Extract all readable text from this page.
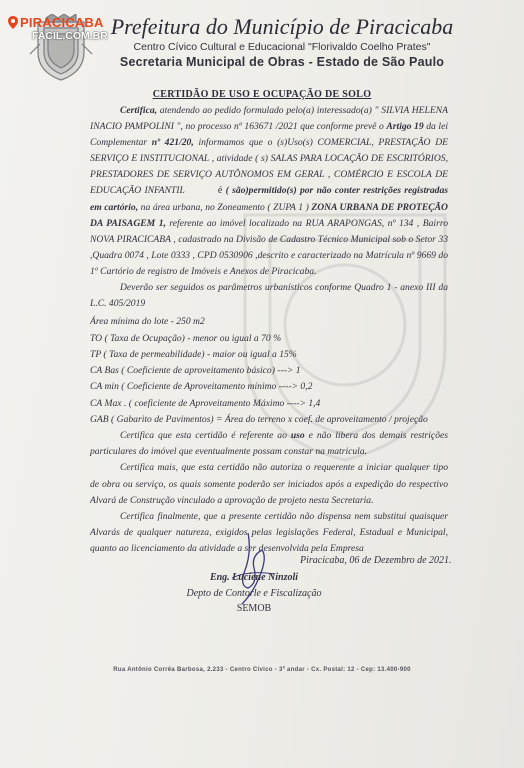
PIRACICABA
FACIL.COM.BR Prefeitura do Município de Piracicaba
Centro Cívico Cultural e Educacional "Florivaldo Coelho Prates"
Secretaria Municipal de Obras - Estado de São Paulo
CERTIDÃO DE USO E OCUPAÇÃO DE SOLO

Certifica, atendendo ao pedido formulado pelo(a) interessado(a) " SILVIA HELENA INACIO PAMPOLINI ", no processo nº 163671 /2021 que conforme prevê o Artigo 19 da lei Complementar nº 421/20, informamos que o (s)Uso(s) COMERCIAL, PRESTAÇÃO DE SERVIÇO E INSTITUCIONAL , atividade ( s) SALAS PARA LOCAÇÃO DE ESCRITÓRIOS, PRESTADORES DE SERVIÇO AUTÔNOMOS EM GERAL , COMÉRCIO E ESCOLA DE EDUCAÇÃO INFANTIL	é ( são)permitido(s) por não conter restrições registradas em cartório, na área urbana, no Zoneamento ( ZUPA 1 ) ZONA URBANA DE PROTEÇÃO DA PAISAGEM 1, referente ao imóvel localizado na RUA ARAPONGAS, nº 134 , Bairro NOVA PIRACICABA , cadastrado na Divisão de Cadastro Técnico Municipal sob o Setor 33 ,Quadra 0074 , Lote 0333 , CPD 0530906 ,descrito e caracterizado na Matrícula nº 9669 do 1º Cartório de registro de Imóveis e Anexos de Piracicaba.

Deverão ser seguidos os parâmetros urbanísticos conforme Quadro 1 - anexo III da L.C. 405/2019

Área mínima do lote - 250 m2
TO ( Taxa de Ocupação) - menor ou igual a 70 %
TP ( Taxa de permeabilidade) - maior ou igual a 15%
CA Bas ( Coeficiente de aproveitamento básico) ---> 1
CA min ( Coeficiente de Aproveitamento mínimo ----> 0,2
CA Max . ( coeficiente de Aproveitamento Máximo ----> 1,4
GAB ( Gabarito de Pavimentos) = Área do terreno x coef. de aproveitamento / projeção

Certifica que esta certidão é referente ao uso e não libera dos demais restrições particulares do imóvel que eventualmente possam constar na matricula.

Certifica mais, que esta certidão não autoriza o requerente a iniciar qualquer tipo de obra ou serviço, os quais somente poderão ser iniciados após a expedição do respectivo Alvará de Construção vinculado a aprovação de projeto nesta Secretaria.

Certifica finalmente, que a presente certidão não dispensa nem substitui quaisquer Alvarás de qualquer natureza, exigidos pelas legislações Federal, Estadual e Municipal, quanto ao licenciamento da atividade a ser desenvolvida pela Empresa

Piracicaba, 06 de Dezembro de 2021.
Eng. Luciene Ninzoli
Depto de Contorle e Fiscalização
SEMOB
Rua Antônio Corrêa Barbosa, 2.233 - Centro Cívico - 3º andar - Cx. Postal: 12 - Cep: 13.400-900
